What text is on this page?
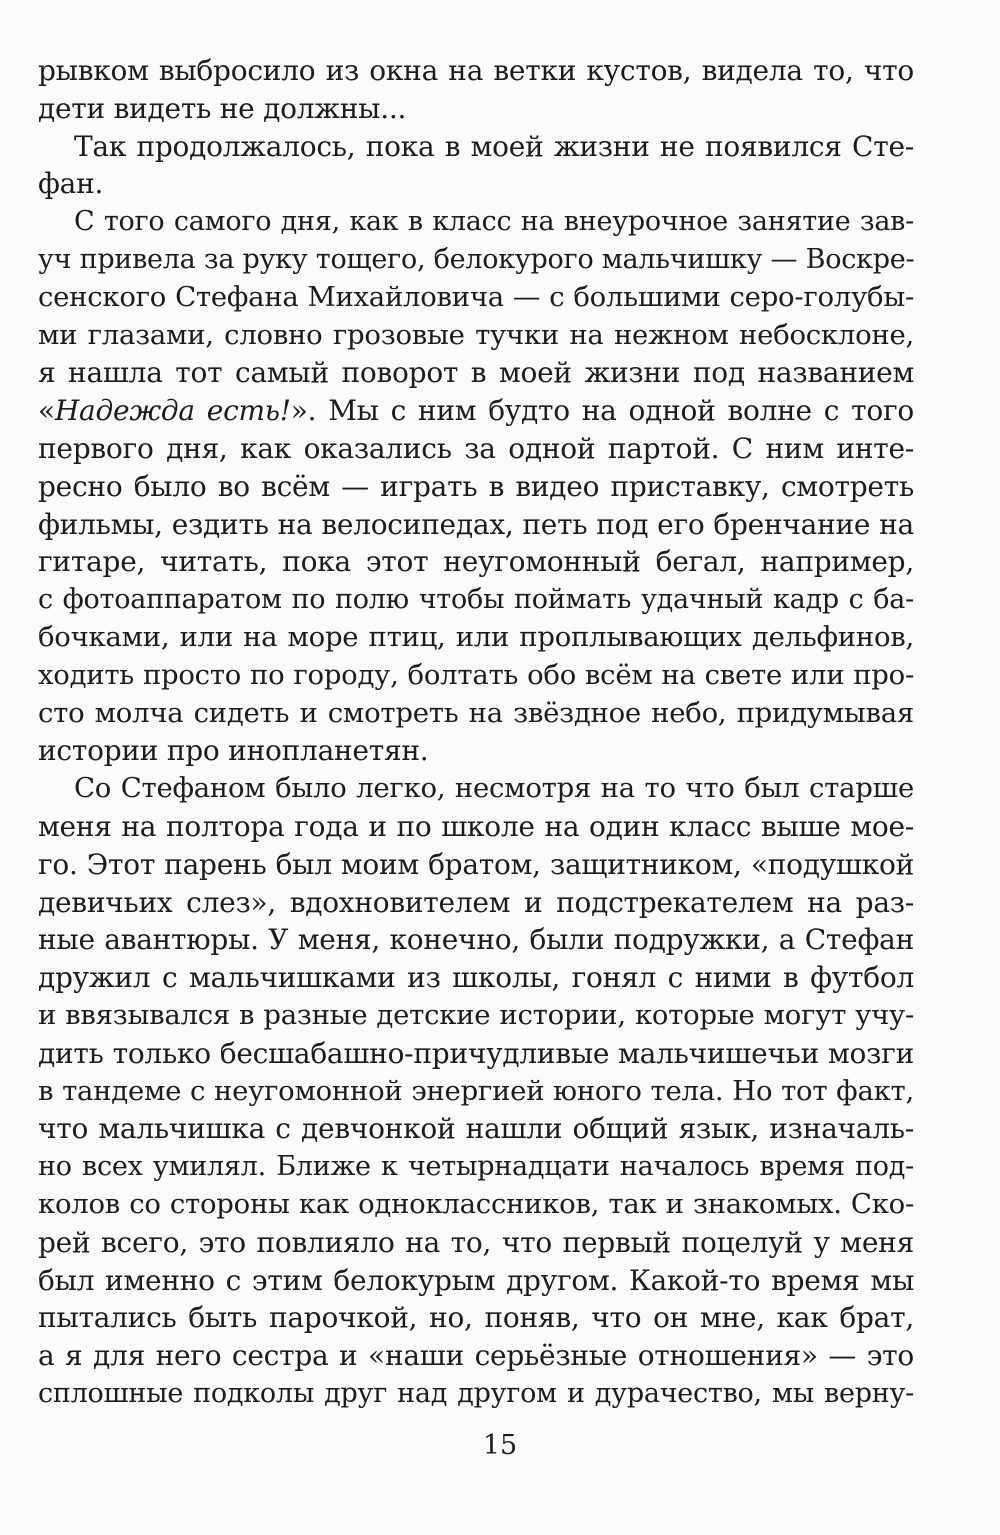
рывком выбросило из окна на ветки кустов, видела то, что
дети видеть не должны...
Так продолжалось, пока в моей жизни не появился Сте-
фан.
С того самого дня, как в класс на внеурочное занятие зав-
уч привела за руку тощего, белокурого мальчишку — Воскре-
сенского Стефана Михайловича — с большими серо-голубы-
ми глазами, словно грозовые тучки на нежном небосклоне,
я нашла тот самый поворот в моей жизни под названием
«Надежда есть!». Мы с ним будто на одной волне с того
первого дня, как оказались за одной партой. С ним инте-
ресно было во всём — играть в видео приставку, смотреть
фильмы, ездить на велосипедах, петь под его бренчание на
гитаре, читать, пока этот неугомонный бегал, например,
с фотоаппаратом по полю чтобы поймать удачный кадр с ба-
бочками, или на море птиц, или проплывающих дельфинов,
ходить просто по городу, болтать обо всём на свете или про-
сто молча сидеть и смотреть на звёздное небо, придумывая
истории про инопланетян.
Со Стефаном было легко, несмотря на то что был старше
меня на полтора года и по школе на один класс выше мое-
го. Этот парень был моим братом, защитником, «подушкой
девичьих слез», вдохновителем и подстрекателем на раз-
ные авантюры. У меня, конечно, были подружки, а Стефан
дружил с мальчишками из школы, гонял с ними в футбол
и ввязывался в разные детские истории, которые могут учу-
дить только бесшабашно-причудливые мальчишечьи мозги
в тандеме с неугомонной энергией юного тела. Но тот факт,
что мальчишка с девчонкой нашли общий язык, изначаль-
но всех умилял. Ближе к четырнадцати началось время под-
колов со стороны как одноклассников, так и знакомых. Ско-
рей всего, это повлияло на то, что первый поцелуй у меня
был именно с этим белокурым другом. Какой-то время мы
пытались быть парочкой, но, поняв, что он мне, как брат,
а я для него сестра и «наши серьёзные отношения» — это
сплошные подколы друг над другом и дурачество, мы верну-
15
